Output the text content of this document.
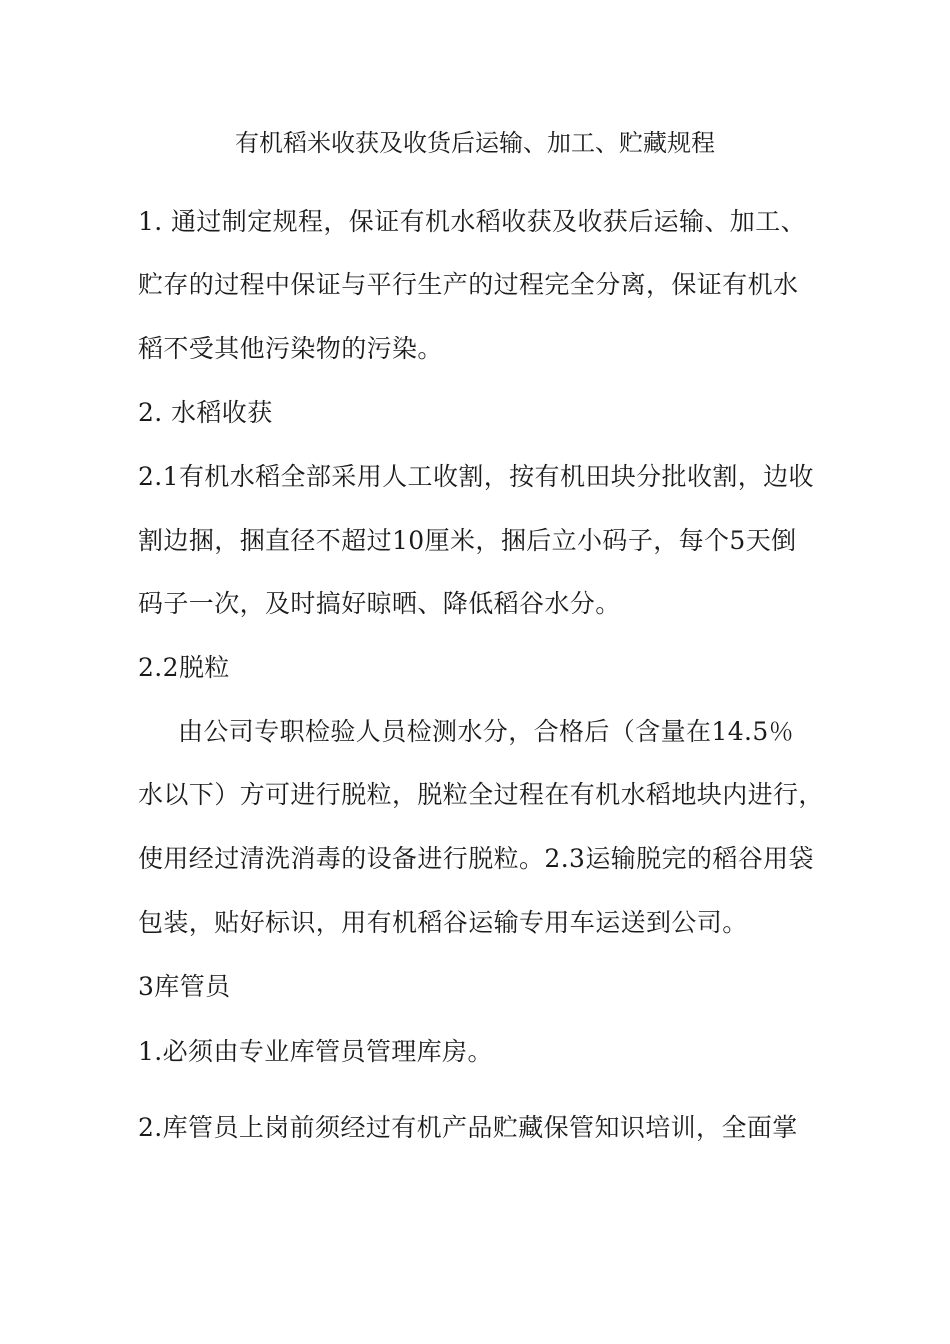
有机稻米收获及收货后运输、加工、贮藏规程
1. 通过制定规程，保证有机水稻收获及收获后运输、加工、
贮存的过程中保证与平行生产的过程完全分离，保证有机水
稻不受其他污染物的污染。
2. 水稻收获
2.1有机水稻全部采用人工收割，按有机田块分批收割，边收
割边捆，捆直径不超过10厘米，捆后立小码子，每个5天倒
码子一次，及时搞好晾晒、降低稻谷水分。
2.2脱粒
由公司专职检验人员检测水分，合格后（含量在14.5％
水以下）方可进行脱粒，脱粒全过程在有机水稻地块内进行，
使用经过清洗消毒的设备进行脱粒。2.3运输脱完的稻谷用袋
包装，贴好标识，用有机稻谷运输专用车运送到公司。
3库管员
1.必须由专业库管员管理库房。
2.库管员上岗前须经过有机产品贮藏保管知识培训，全面掌
